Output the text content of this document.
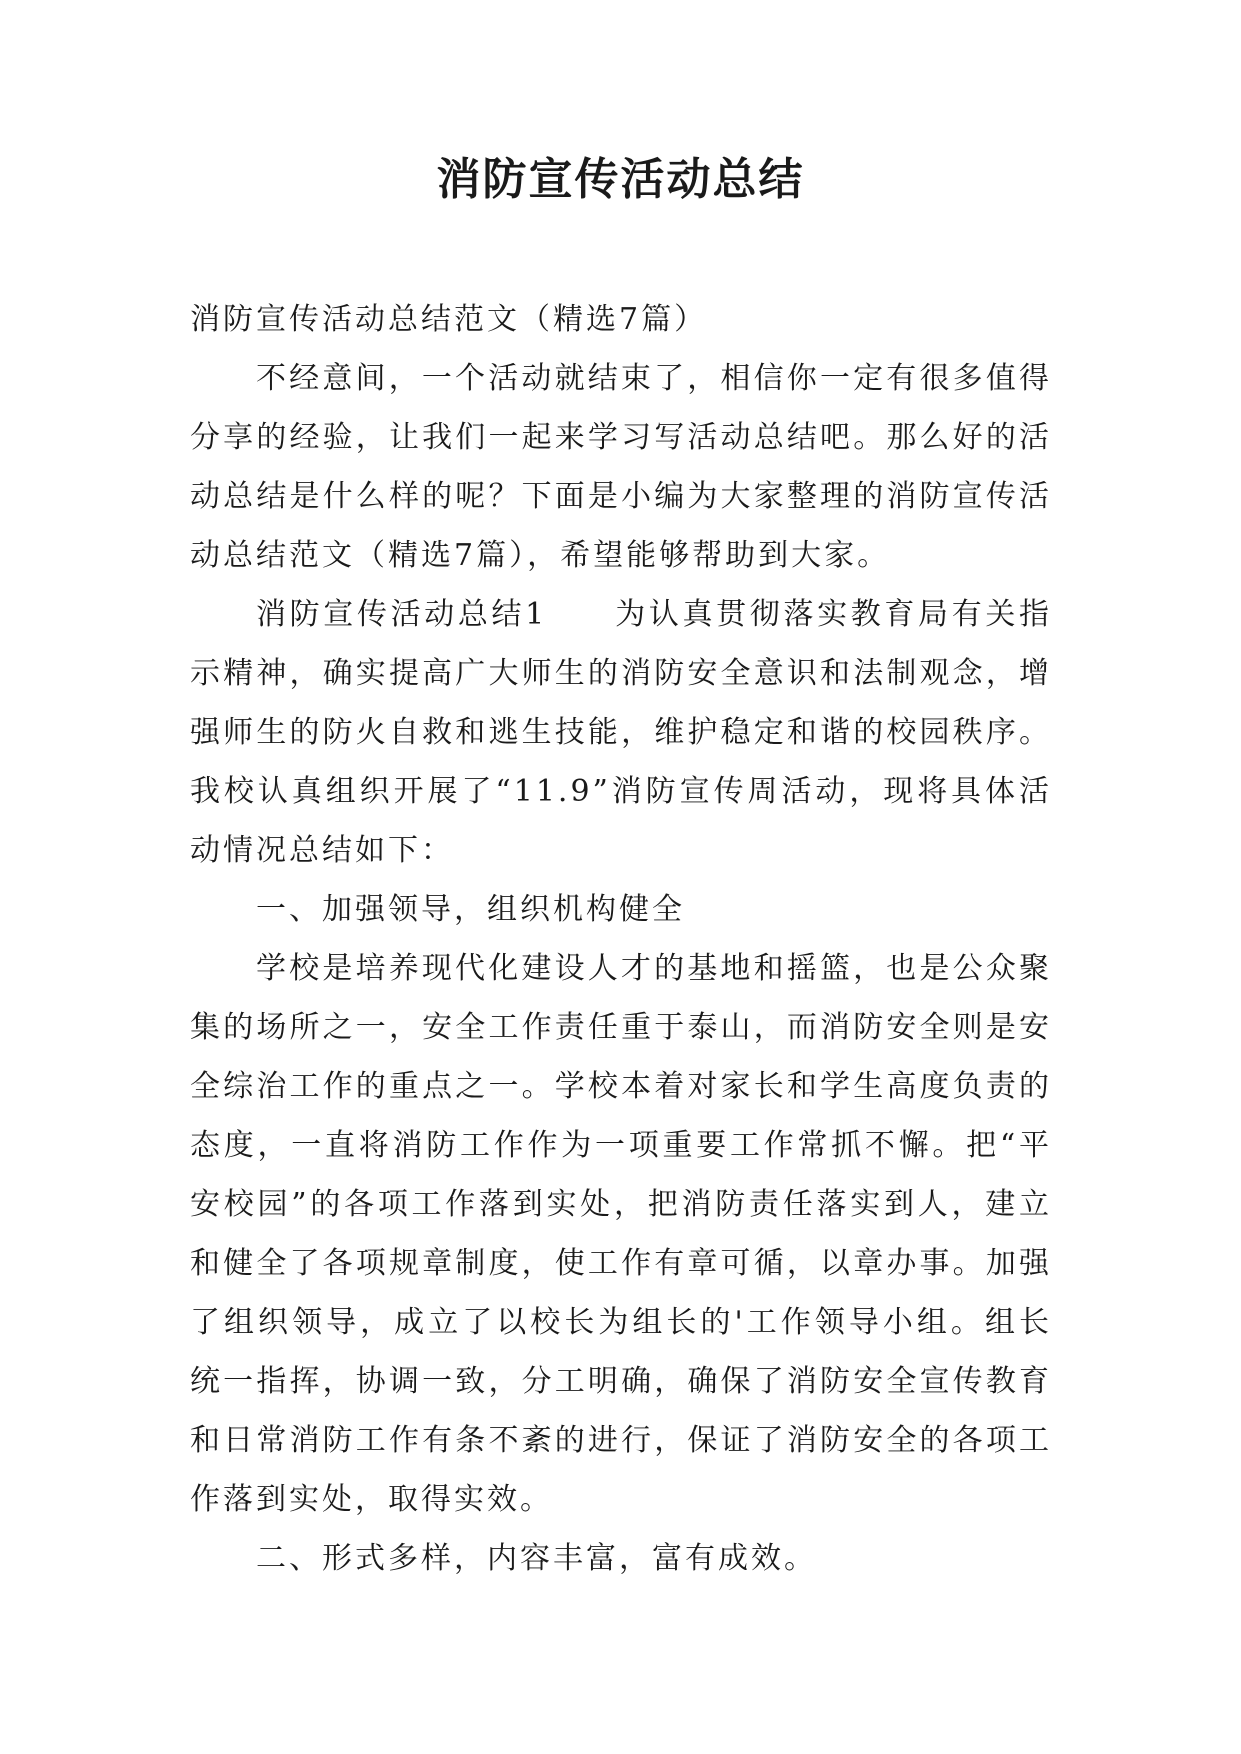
消防宣传活动总结

消防宣传活动总结范文（精选7篇）

不经意间，一个活动就结束了，相信你一定有很多值得分享的经验，让我们一起来学习写活动总结吧。那么好的活动总结是什么样的呢？下面是小编为大家整理的消防宣传活动总结范文（精选7篇），希望能够帮助到大家。

消防宣传活动总结1　　为认真贯彻落实教育局有关指示精神，确实提高广大师生的消防安全意识和法制观念，增强师生的防火自救和逃生技能，维护稳定和谐的校园秩序。我校认真组织开展了“11.9”消防宣传周活动，现将具体活动情况总结如下：

一、加强领导，组织机构健全

学校是培养现代化建设人才的基地和摇篮，也是公众聚集的场所之一，安全工作责任重于泰山，而消防安全则是安全综治工作的重点之一。学校本着对家长和学生高度负责的态度，一直将消防工作作为一项重要工作常抓不懈。把“平安校园”的各项工作落到实处，把消防责任落实到人，建立和健全了各项规章制度，使工作有章可循，以章办事。加强了组织领导，成立了以校长为组长的'工作领导小组。组长统一指挥，协调一致，分工明确，确保了消防安全宣传教育和日常消防工作有条不紊的进行，保证了消防安全的各项工作落到实处，取得实效。

二、形式多样，内容丰富，富有成效。
